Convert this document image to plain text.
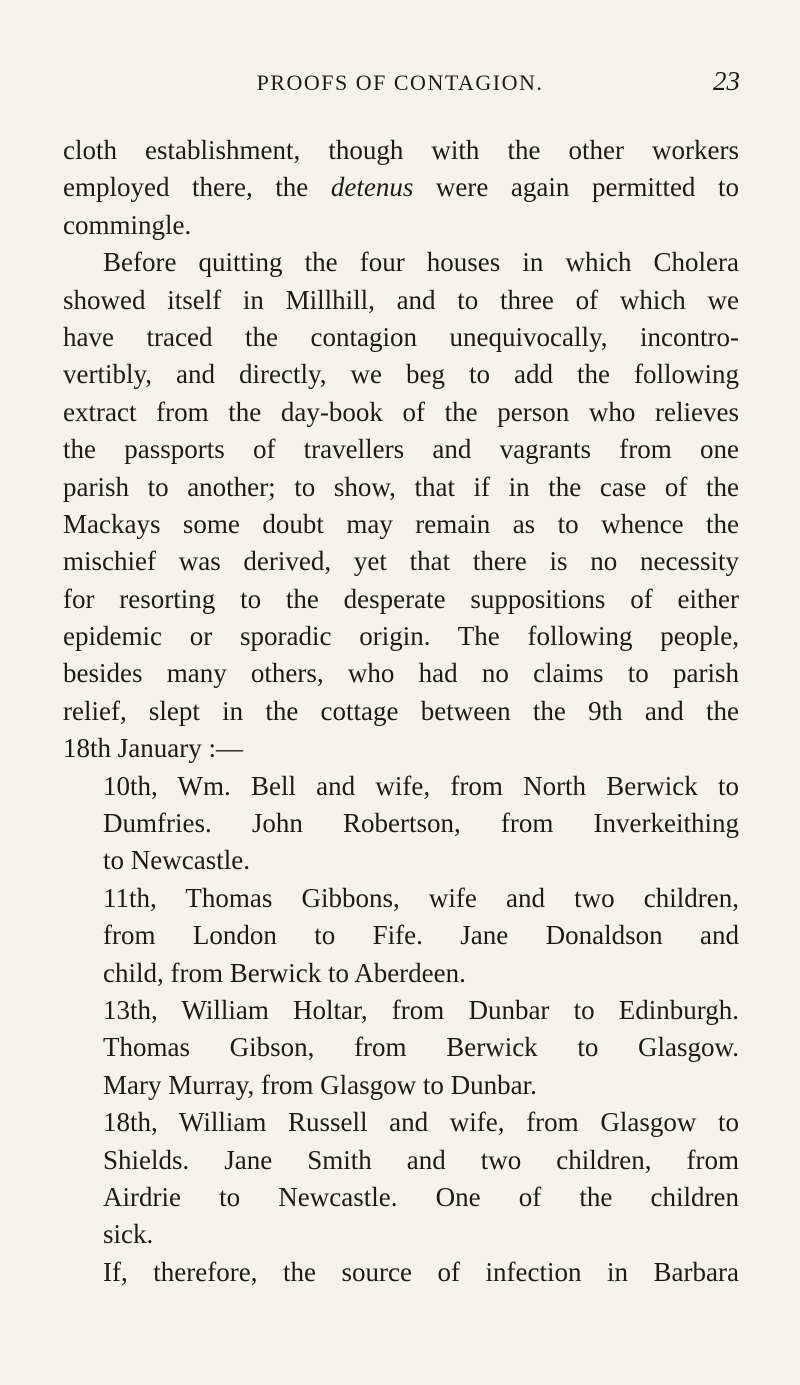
PROOFS OF CONTAGION.	23
cloth establishment, though with the other workers
employed there, the detenus were again permitted to
commingle.
Before quitting the four houses in which Cholera
showed itself in Millhill, and to three of which we
have traced the contagion unequivocally, incontro-
vertibly, and directly, we beg to add the following
extract from the day-book of the person who relieves
the passports of travellers and vagrants from one
parish to another; to show, that if in the case of the
Mackays some doubt may remain as to whence the
mischief was derived, yet that there is no necessity
for resorting to the desperate suppositions of either
epidemic or sporadic origin. The following people,
besides many others, who had no claims to parish
relief, slept in the cottage between the 9th and the
18th January :—
10th, Wm. Bell and wife, from North Berwick to
Dumfries. John Robertson, from Inverkeithing
to Newcastle.
11th, Thomas Gibbons, wife and two children,
from London to Fife. Jane Donaldson and
child, from Berwick to Aberdeen.
13th, William Holtar, from Dunbar to Edinburgh.
Thomas Gibson, from Berwick to Glasgow.
Mary Murray, from Glasgow to Dunbar.
18th, William Russell and wife, from Glasgow to
Shields. Jane Smith and two children, from
Airdrie to Newcastle. One of the children
sick.
If, therefore, the source of infection in Barbara
